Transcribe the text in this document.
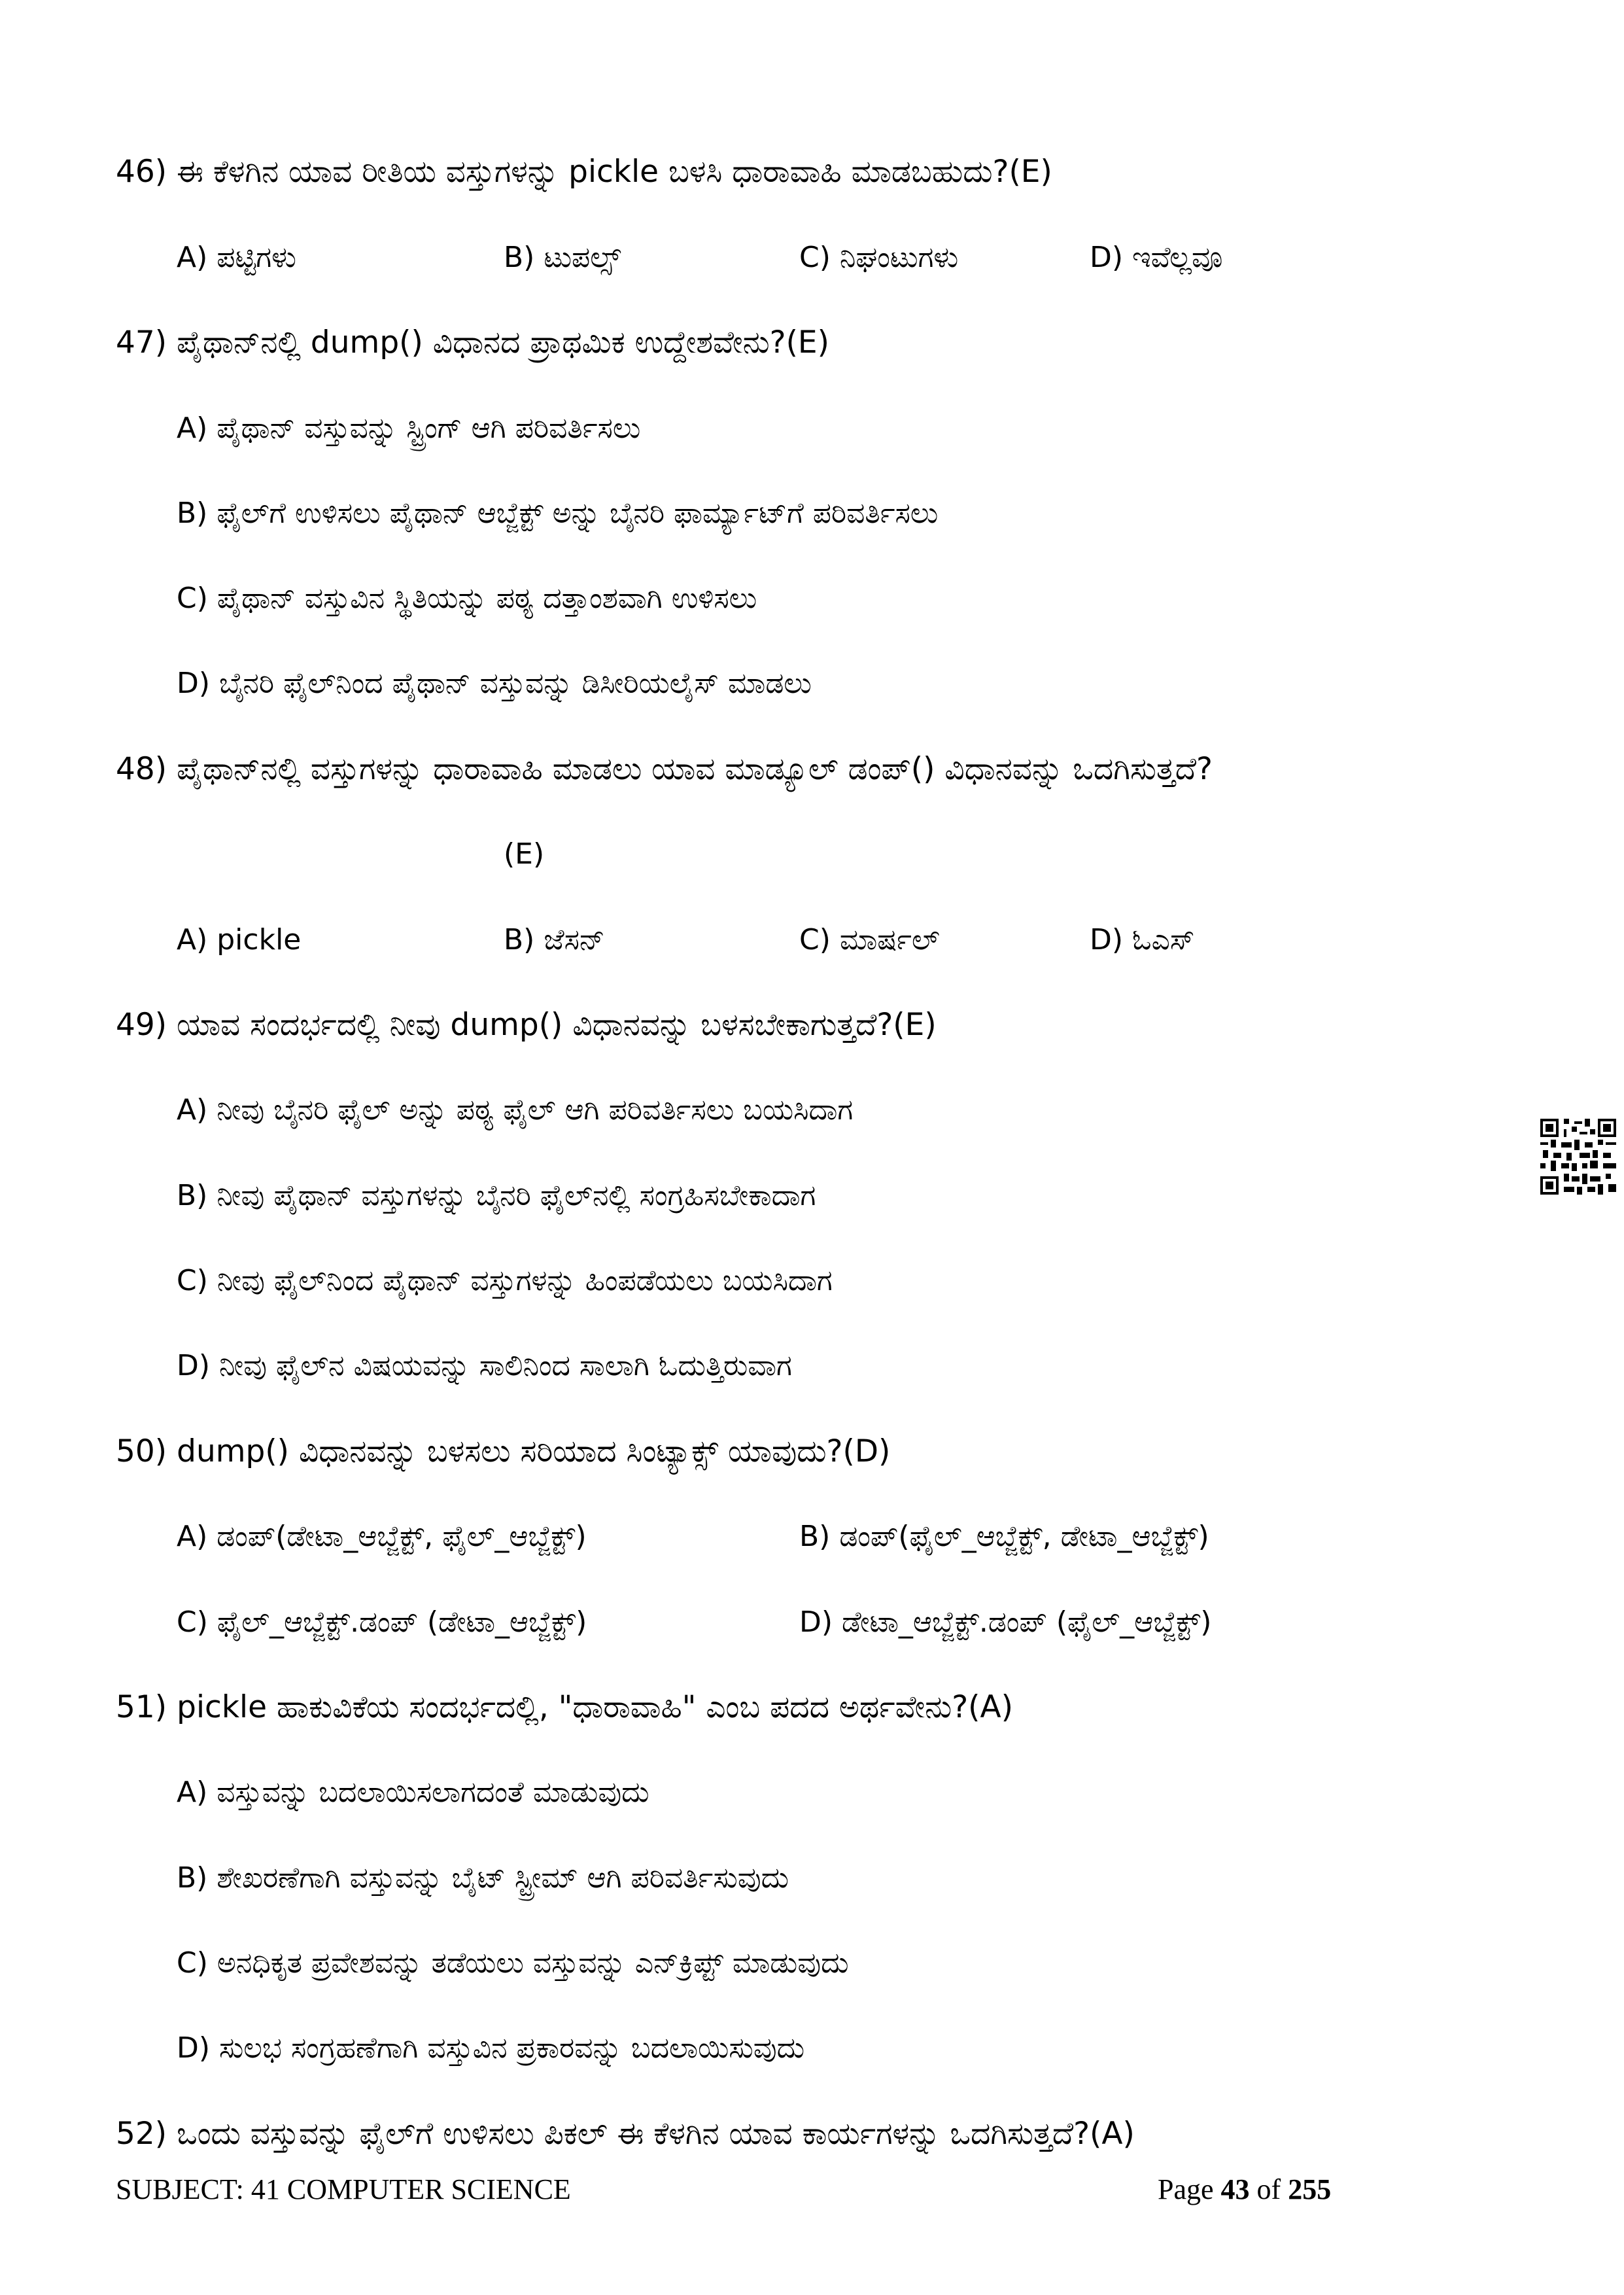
46) ಈ ಕೆಳಗಿನ ಯಾವ ರೀತಿಯ ವಸ್ತುಗಳನ್ನು pickle ಬಳಸಿ ಧಾರಾವಾಹಿ ಮಾಡಬಹುದು?(E)
A) ಪಟ್ಟಿಗಳು	B) ಟುಪಲ್ಸ್	C) ನಿಘಂಟುಗಳು	D) ಇವೆಲ್ಲವೂ
47) ಪೈಥಾನ್‌ನಲ್ಲಿ dump() ವಿಧಾನದ ಪ್ರಾಥಮಿಕ ಉದ್ದೇಶವೇನು?(E)
A) ಪೈಥಾನ್ ವಸ್ತುವನ್ನು ಸ್ಟ್ರಿಂಗ್ ಆಗಿ ಪರಿವರ್ತಿಸಲು
B) ಫೈಲ್‌ಗೆ ಉಳಿಸಲು ಪೈಥಾನ್ ಆಬ್ಜೆಕ್ಟ್ ಅನ್ನು ಬೈನರಿ ಫಾರ್ಮ್ಯಾಟ್‌ಗೆ ಪರಿವರ್ತಿಸಲು
C) ಪೈಥಾನ್ ವಸ್ತುವಿನ ಸ್ಥಿತಿಯನ್ನು ಪಠ್ಯ ದತ್ತಾಂಶವಾಗಿ ಉಳಿಸಲು
D) ಬೈನರಿ ಫೈಲ್‌ನಿಂದ ಪೈಥಾನ್ ವಸ್ತುವನ್ನು ಡಿಸೀರಿಯಲೈಸ್ ಮಾಡಲು
48) ಪೈಥಾನ್‌ನಲ್ಲಿ ವಸ್ತುಗಳನ್ನು ಧಾರಾವಾಹಿ ಮಾಡಲು ಯಾವ ಮಾಡ್ಯೂಲ್ ಡಂಪ್() ವಿಧಾನವನ್ನು ಒದಗಿಸುತ್ತದೆ?
(E)
A) pickle	B) ಜೆಸನ್	C) ಮಾರ್ಷಲ್	D) ಓಎಸ್
49) ಯಾವ ಸಂದರ್ಭದಲ್ಲಿ ನೀವು dump() ವಿಧಾನವನ್ನು ಬಳಸಬೇಕಾಗುತ್ತದೆ?(E)
A) ನೀವು ಬೈನರಿ ಫೈಲ್ ಅನ್ನು ಪಠ್ಯ ಫೈಲ್ ಆಗಿ ಪರಿವರ್ತಿಸಲು ಬಯಸಿದಾಗ
B) ನೀವು ಪೈಥಾನ್ ವಸ್ತುಗಳನ್ನು ಬೈನರಿ ಫೈಲ್‌ನಲ್ಲಿ ಸಂಗ್ರಹಿಸಬೇಕಾದಾಗ
C) ನೀವು ಫೈಲ್‌ನಿಂದ ಪೈಥಾನ್ ವಸ್ತುಗಳನ್ನು ಹಿಂಪಡೆಯಲು ಬಯಸಿದಾಗ
D) ನೀವು ಫೈಲ್‌ನ ವಿಷಯವನ್ನು ಸಾಲಿನಿಂದ ಸಾಲಾಗಿ ಓದುತ್ತಿರುವಾಗ
50) dump() ವಿಧಾನವನ್ನು ಬಳಸಲು ಸರಿಯಾದ ಸಿಂಟ್ಯಾಕ್ಸ್ ಯಾವುದು?(D)
A) ಡಂಪ್(ಡೇಟಾ_ಆಬ್ಜೆಕ್ಟ್, ಫೈಲ್_ಆಬ್ಜೆಕ್ಟ್)	B) ಡಂಪ್(ಫೈಲ್_ಆಬ್ಜೆಕ್ಟ್, ಡೇಟಾ_ಆಬ್ಜೆಕ್ಟ್)
C) ಫೈಲ್_ಆಬ್ಜೆಕ್ಟ್.ಡಂಪ್ (ಡೇಟಾ_ಆಬ್ಜೆಕ್ಟ್)	D) ಡೇಟಾ_ಆಬ್ಜೆಕ್ಟ್.ಡಂಪ್ (ಫೈಲ್_ಆಬ್ಜೆಕ್ಟ್)
51) pickle ಹಾಕುವಿಕೆಯ ಸಂದರ್ಭದಲ್ಲಿ, "ಧಾರಾವಾಹಿ" ಎಂಬ ಪದದ ಅರ್ಥವೇನು?(A)
A) ವಸ್ತುವನ್ನು ಬದಲಾಯಿಸಲಾಗದಂತೆ ಮಾಡುವುದು
B) ಶೇಖರಣೆಗಾಗಿ ವಸ್ತುವನ್ನು ಬೈಟ್ ಸ್ಟ್ರೀಮ್ ಆಗಿ ಪರಿವರ್ತಿಸುವುದು
C) ಅನಧಿಕೃತ ಪ್ರವೇಶವನ್ನು ತಡೆಯಲು ವಸ್ತುವನ್ನು ಎನ್‌ಕ್ರಿಪ್ಟ್ ಮಾಡುವುದು
D) ಸುಲಭ ಸಂಗ್ರಹಣೆಗಾಗಿ ವಸ್ತುವಿನ ಪ್ರಕಾರವನ್ನು ಬದಲಾಯಿಸುವುದು
52) ಒಂದು ವಸ್ತುವನ್ನು ಫೈಲ್‌ಗೆ ಉಳಿಸಲು ಪಿಕಲ್ ಈ ಕೆಳಗಿನ ಯಾವ ಕಾರ್ಯಗಳನ್ನು ಒದಗಿಸುತ್ತದೆ?(A)
SUBJECT: 41 COMPUTER SCIENCE	Page 43 of 255
